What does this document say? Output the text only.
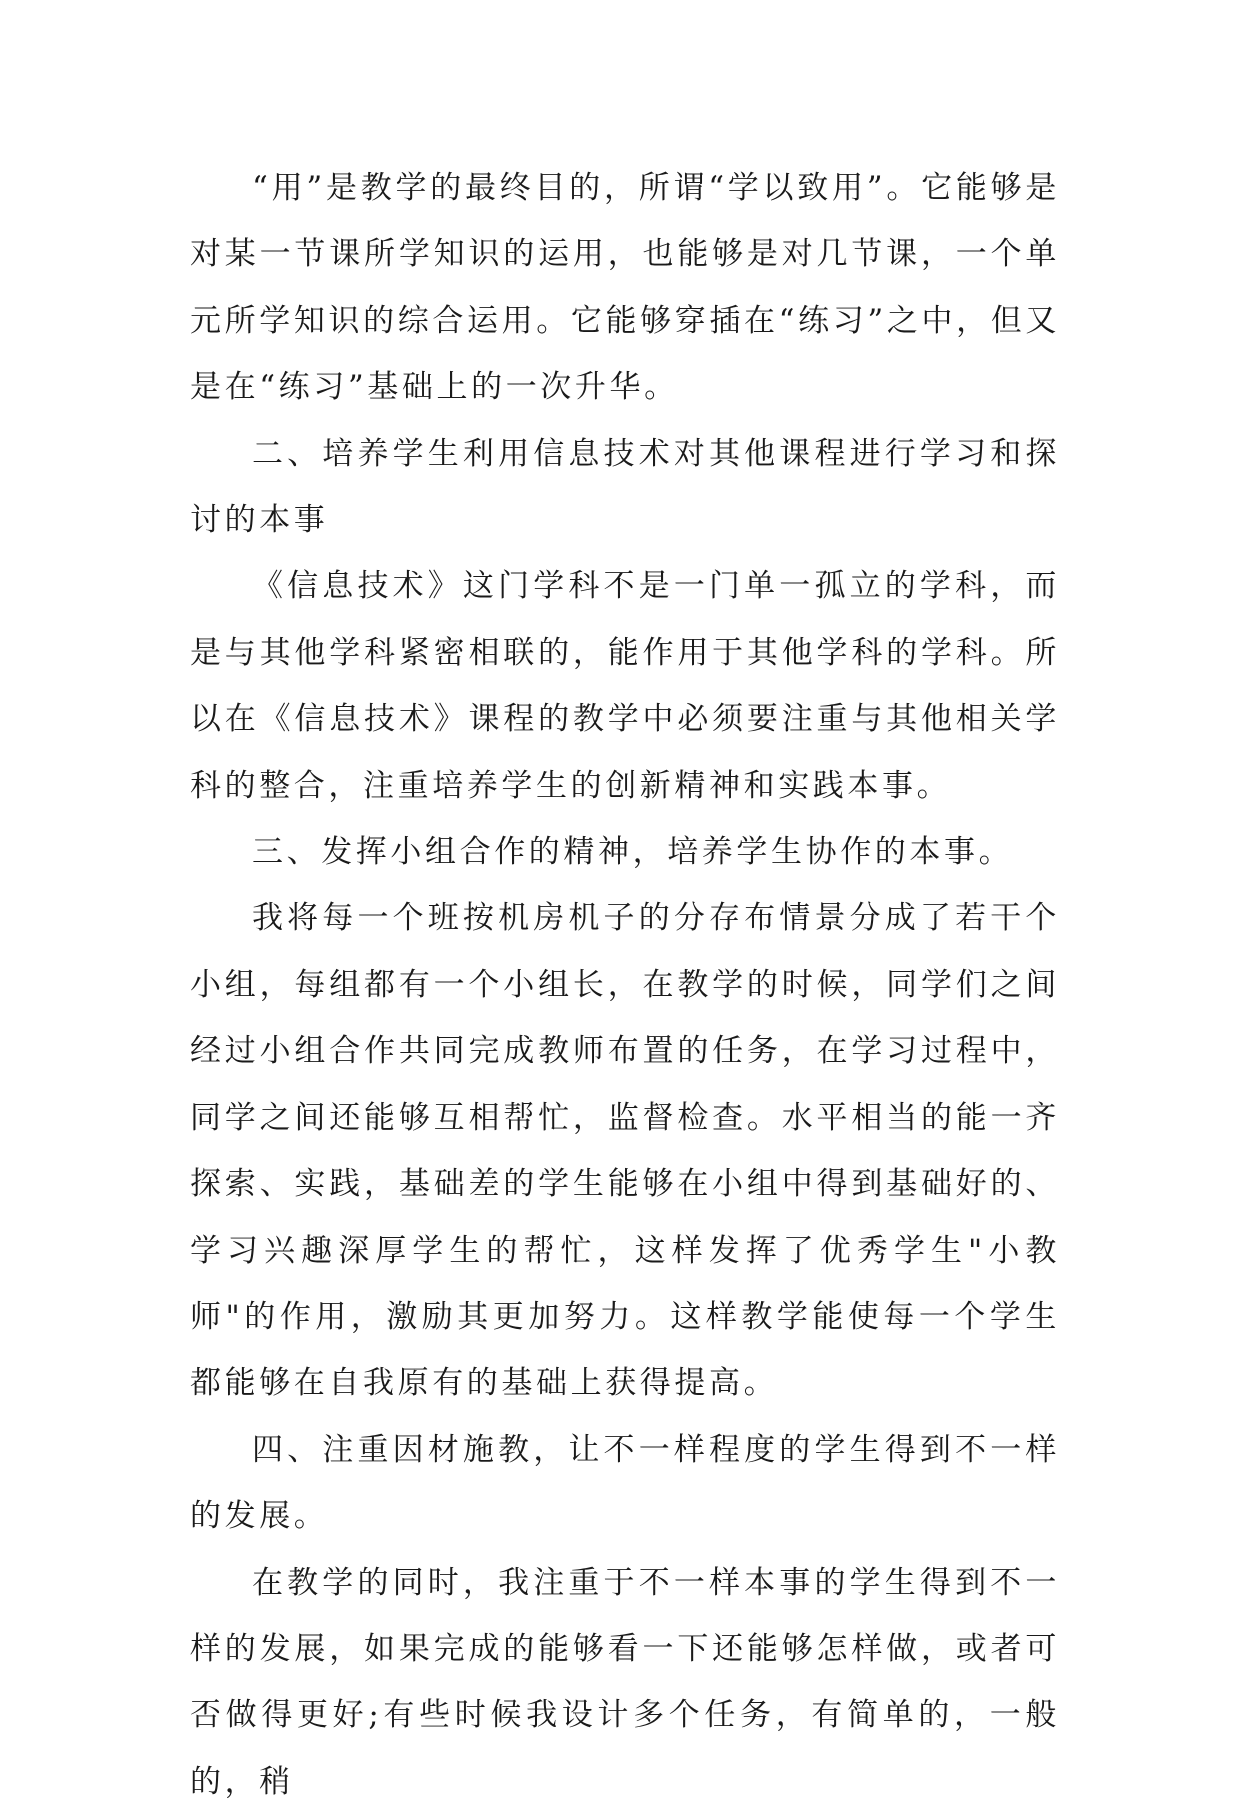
“用”是教学的最终目的，所谓“学以致用”。它能够是对某一节课所学知识的运用，也能够是对几节课，一个单元所学知识的综合运用。它能够穿插在“练习”之中，但又是在“练习”基础上的一次升华。

二、培养学生利用信息技术对其他课程进行学习和探讨的本事

《信息技术》这门学科不是一门单一孤立的学科，而是与其他学科紧密相联的，能作用于其他学科的学科。所以在《信息技术》课程的教学中必须要注重与其他相关学科的整合，注重培养学生的创新精神和实践本事。

三、发挥小组合作的精神，培养学生协作的本事。

我将每一个班按机房机子的分存布情景分成了若干个小组，每组都有一个小组长，在教学的时候，同学们之间经过小组合作共同完成教师布置的任务，在学习过程中，同学之间还能够互相帮忙，监督检查。水平相当的能一齐探索、实践，基础差的学生能够在小组中得到基础好的、学习兴趣深厚学生的帮忙，这样发挥了优秀学生"小教师"的作用，激励其更加努力。这样教学能使每一个学生都能够在自我原有的基础上获得提高。

四、注重因材施教，让不一样程度的学生得到不一样的发展。

在教学的同时，我注重于不一样本事的学生得到不一样的发展，如果完成的能够看一下还能够怎样做，或者可否做得更好;有些时候我设计多个任务，有简单的，一般的，稍
